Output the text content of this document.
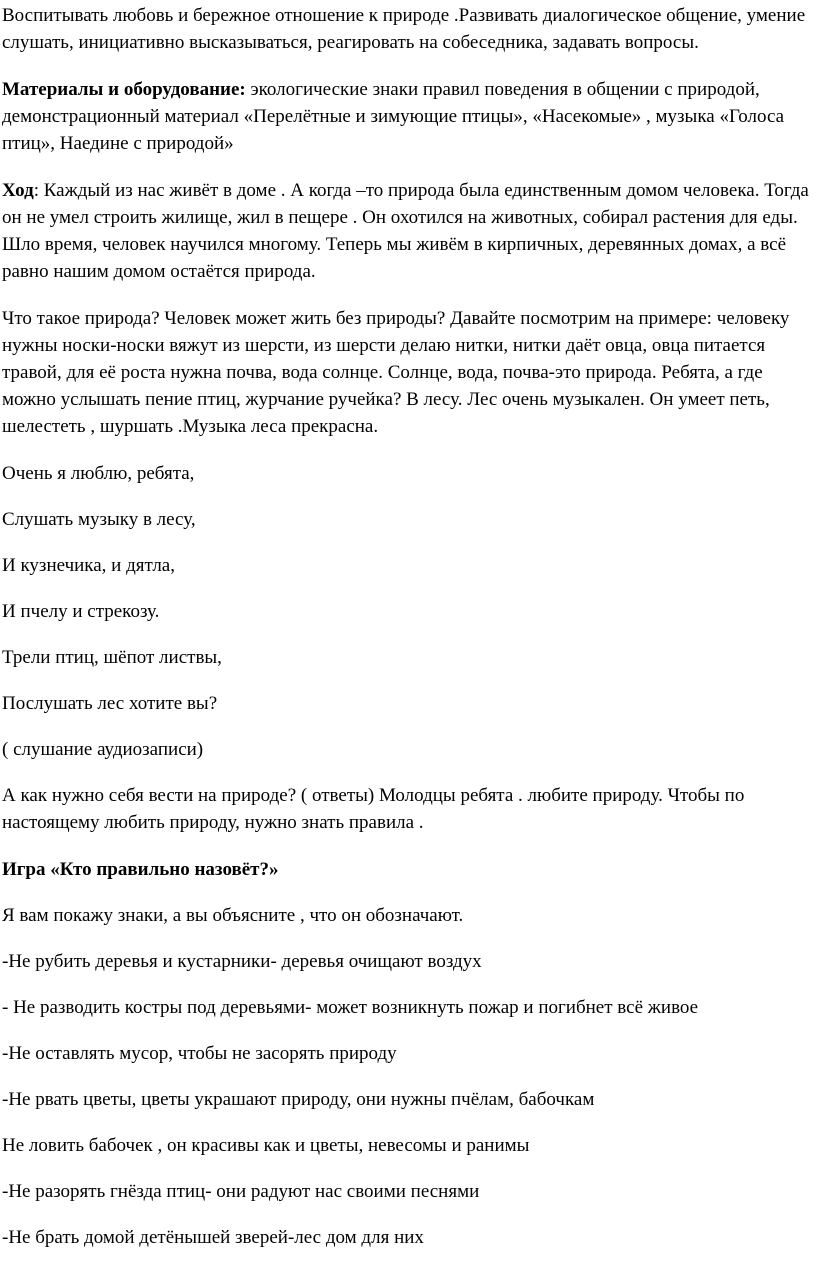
Воспитывать любовь и бережное отношение к природе .Развивать диалогическое общение, умение слушать, инициативно высказываться, реагировать на собеседника, задавать вопросы.

Материалы и оборудование: экологические знаки правил поведения в общении с природой, демонстрационный материал «Перелётные и зимующие птицы», «Насекомые» , музыка «Голоса птиц», Наедине с природой»

Ход: Каждый из нас живёт в доме . А когда –то природа была единственным домом человека. Тогда он не умел строить жилище, жил в пещере . Он охотился на животных, собирал растения для еды. Шло время, человек научился многому. Теперь мы живём в кирпичных, деревянных домах, а всё равно нашим домом остаётся природа.

Что такое природа? Человек может жить без природы? Давайте посмотрим на примере: человеку нужны носки-носки вяжут из шерсти, из шерсти делаю нитки, нитки даёт овца, овца питается травой, для её роста нужна почва, вода солнце. Солнце, вода, почва-это природа. Ребята, а где можно услышать пение птиц, журчание ручейка? В лесу. Лес очень музыкален. Он умеет петь, шелестеть , шуршать .Музыка леса прекрасна.

Очень я люблю, ребята,

Слушать музыку в лесу,

И кузнечика, и дятла,

И пчелу и стрекозу.

Трели птиц, шёпот листвы,

Послушать лес хотите вы?

( слушание аудиозаписи)

А как нужно себя вести на природе? ( ответы) Молодцы ребята . любите природу. Чтобы по настоящему любить природу, нужно знать правила .

Игра «Кто правильно назовёт?»

Я вам покажу знаки, а вы объясните , что он обозначают.

-Не рубить деревья и кустарники- деревья очищают воздух

- Не разводить костры под деревьями- может возникнуть пожар и погибнет всё живое

-Не оставлять мусор, чтобы не засорять природу

-Не рвать цветы, цветы украшают природу, они нужны пчёлам, бабочкам

Не ловить бабочек , он красивы как и цветы, невесомы и ранимы

-Не разорять гнёзда птиц- они радуют нас своими песнями

-Не брать домой детёнышей зверей-лес дом для них
